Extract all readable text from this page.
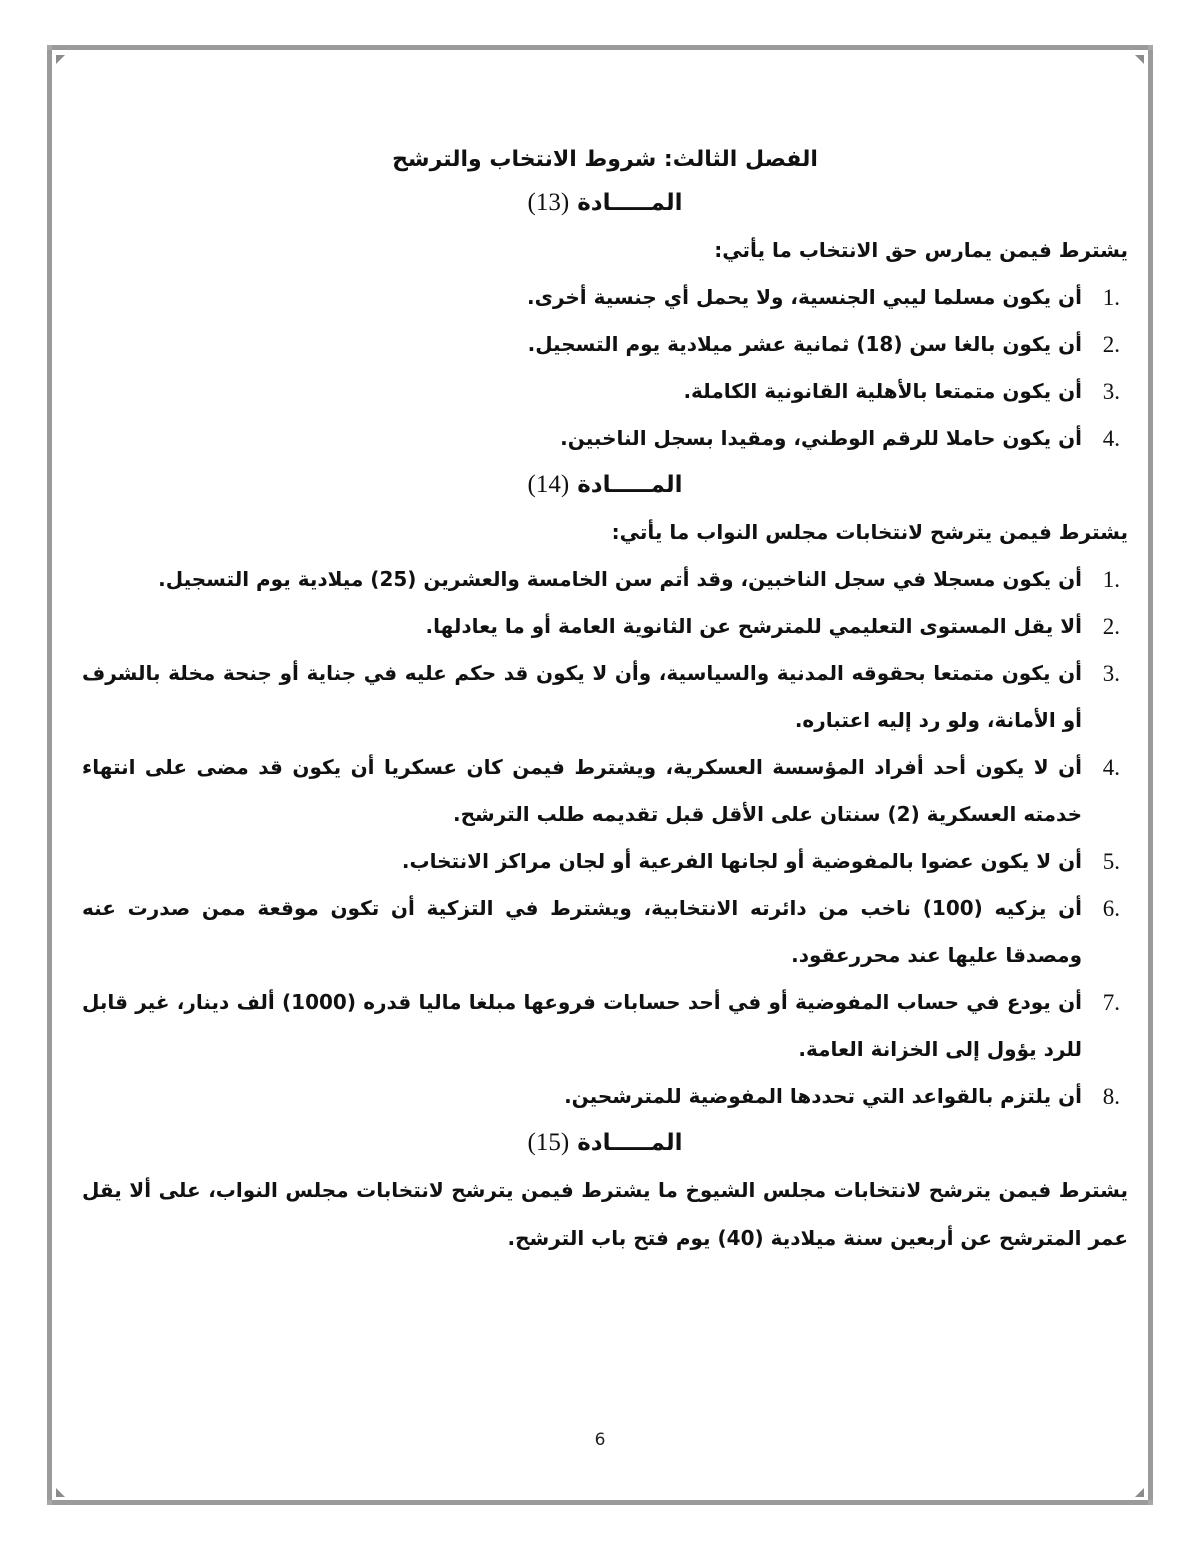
الفصل الثالث: شروط الانتخاب والترشح
المـــــادة (13)

يشترط فيمن يمارس حق الانتخاب ما يأتي:

1.
أن يكون مسلما ليبي الجنسية، ولا يحمل أي جنسية أخرى.
2.
أن يكون بالغا سن (18) ثمانية عشر ميلادية يوم التسجيل.
3.
أن يكون متمتعا بالأهلية القانونية الكاملة.
4.
أن يكون حاملا للرقم الوطني، ومقيدا بسجل الناخبين.
المـــــادة (14)

يشترط فيمن يترشح لانتخابات مجلس النواب ما يأتي:

1.
أن يكون مسجلا في سجل الناخبين، وقد أتم سن الخامسة والعشرين (25) ميلادية يوم التسجيل.
2.
ألا يقل المستوى التعليمي للمترشح عن الثانوية العامة أو ما يعادلها.
3.
أن يكون متمتعا بحقوقه المدنية والسياسية، وأن لا يكون قد حكم عليه في جناية أو جنحة مخلة بالشرف أو الأمانة، ولو رد إليه اعتباره.
4.
أن لا يكون أحد أفراد المؤسسة العسكرية، ويشترط فيمن كان عسكريا أن يكون قد مضى على انتهاء خدمته العسكرية (2) سنتان على الأقل قبل تقديمه طلب الترشح.
5.
أن لا يكون عضوا بالمفوضية أو لجانها الفرعية أو لجان مراكز الانتخاب.
6.
أن يزكيه (100) ناخب من دائرته الانتخابية، ويشترط في التزكية أن تكون موقعة ممن صدرت عنه ومصدقا عليها عند محررعقود.
7.
أن يودع في حساب المفوضية أو في أحد حسابات فروعها مبلغا ماليا قدره (1000) ألف دينار، غير قابل للرد يؤول إلى الخزانة العامة.
8.
أن يلتزم بالقواعد التي تحددها المفوضية للمترشحين.
المـــــادة (15)

يشترط فيمن يترشح لانتخابات مجلس الشيوخ ما يشترط فيمن يترشح لانتخابات مجلس النواب، على ألا يقل عمر المترشح عن أربعين سنة ميلادية (40) يوم فتح باب الترشح.

6
